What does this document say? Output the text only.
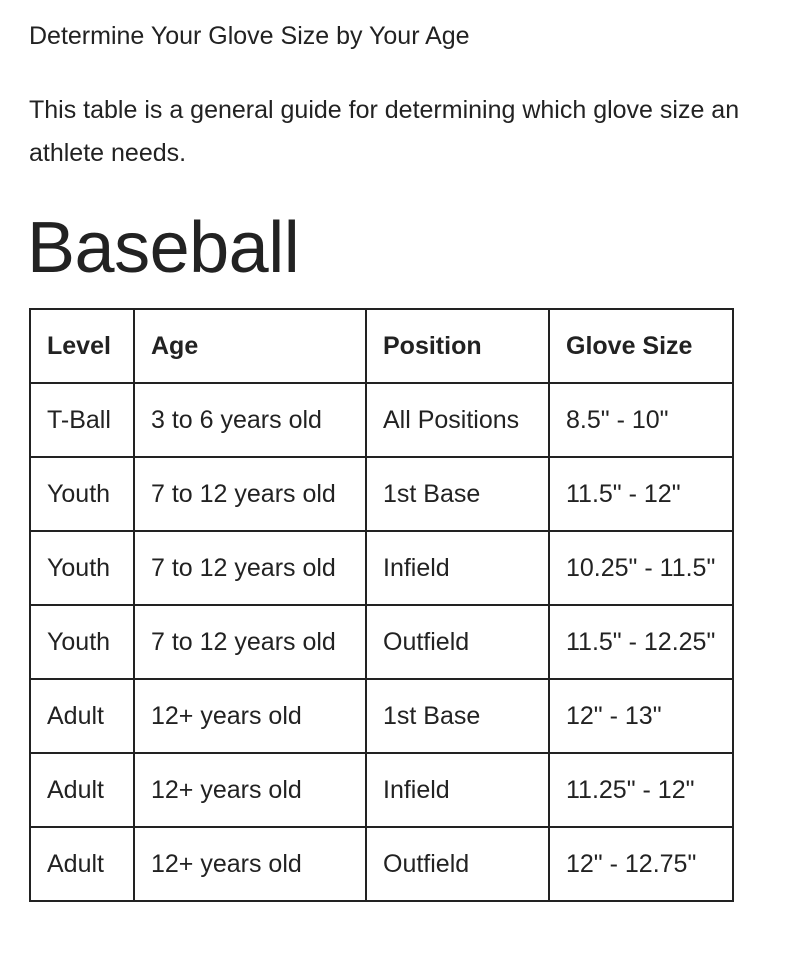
Determine Your Glove Size by Your Age

This table is a general guide for determining which glove size an athlete needs.

Baseball
Level	Age	Position	Glove Size
T-Ball	3 to 6 years old	All Positions	8.5" - 10"
Youth	7 to 12 years old	1st Base	11.5" - 12"
Youth	7 to 12 years old	Infield	10.25" - 11.5"
Youth	7 to 12 years old	Outfield	11.5" - 12.25"
Adult	12+ years old	1st Base	12" - 13"
Adult	12+ years old	Infield	11.25" - 12"
Adult	12+ years old	Outfield	12" - 12.75"
